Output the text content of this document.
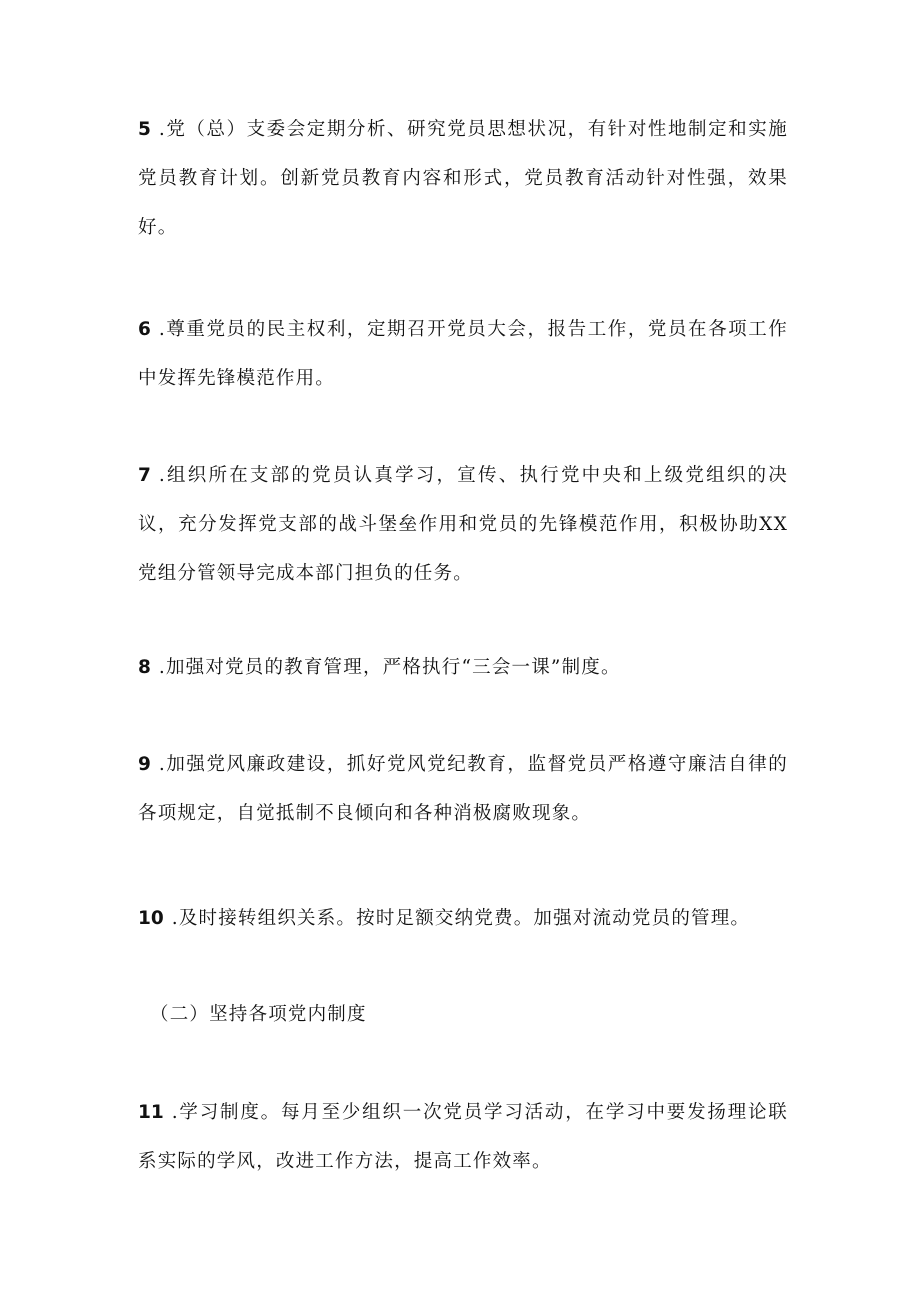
5 .党（总）支委会定期分析、研究党员思想状况，有针对性地制定和实施党员教育计划。创新党员教育内容和形式，党员教育活动针对性强，效果好。

6 .尊重党员的民主权利，定期召开党员大会，报告工作，党员在各项工作中发挥先锋模范作用。

7 .组织所在支部的党员认真学习，宣传、执行党中央和上级党组织的决议，充分发挥党支部的战斗堡垒作用和党员的先锋模范作用，积极协助XX党组分管领导完成本部门担负的任务。

8 .加强对党员的教育管理，严格执行“三会一课”制度。

9 .加强党风廉政建设，抓好党风党纪教育，监督党员严格遵守廉洁自律的各项规定，自觉抵制不良倾向和各种消极腐败现象。

10 .及时接转组织关系。按时足额交纳党费。加强对流动党员的管理。

（二）坚持各项党内制度

11 .学习制度。每月至少组织一次党员学习活动，在学习中要发扬理论联系实际的学风，改进工作方法，提高工作效率。
